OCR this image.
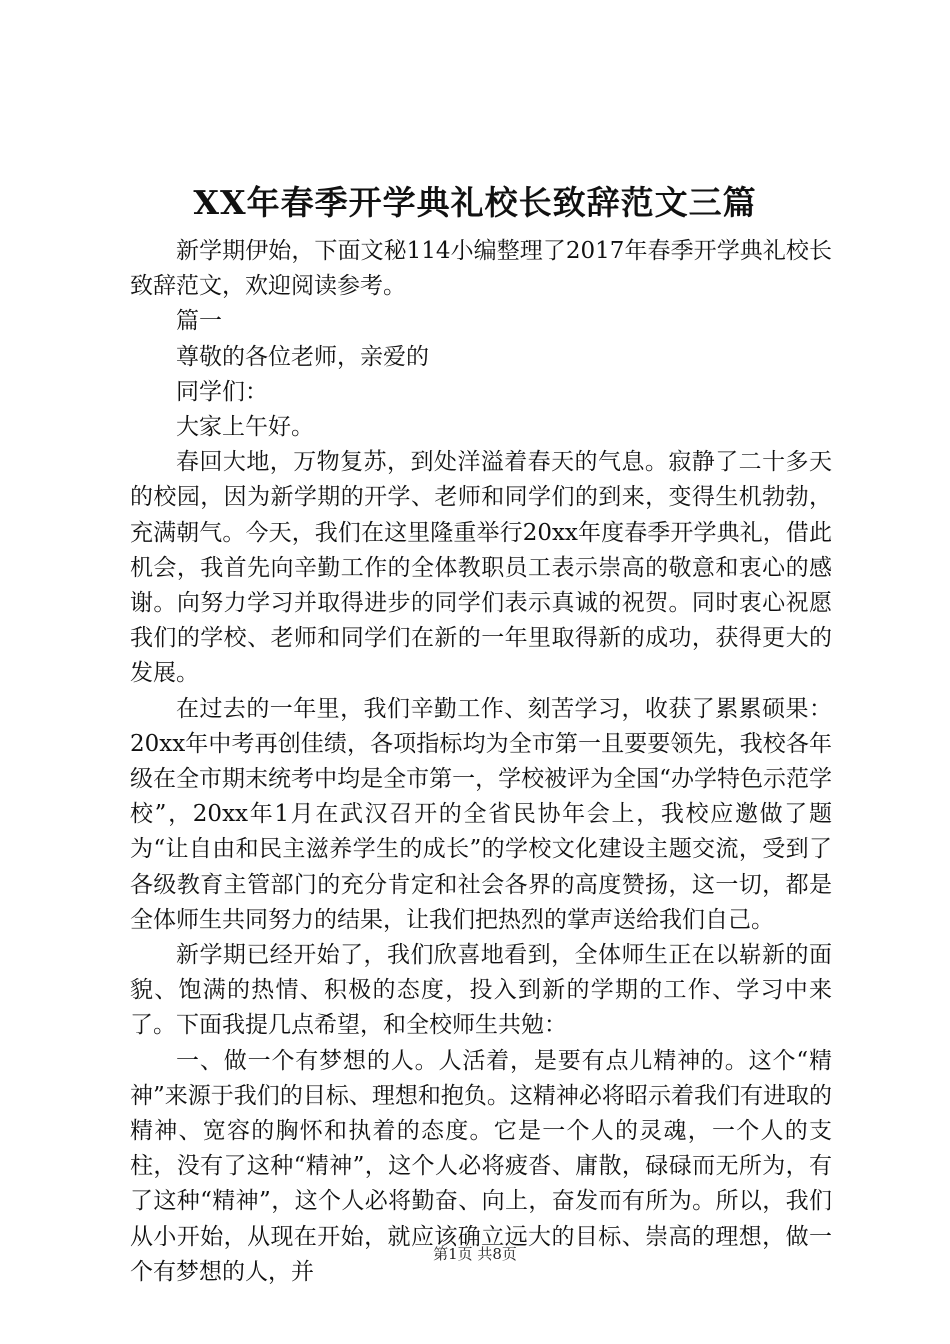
XX年春季开学典礼校长致辞范文三篇

新学期伊始，下面文秘114小编整理了2017年春季开学典礼校长致辞范文，欢迎阅读参考。

篇一

尊敬的各位老师，亲爱的

同学们：

大家上午好。

春回大地，万物复苏，到处洋溢着春天的气息。寂静了二十多天的校园，因为新学期的开学、老师和同学们的到来，变得生机勃勃，充满朝气。今天，我们在这里隆重举行20xx年度春季开学典礼，借此机会，我首先向辛勤工作的全体教职员工表示崇高的敬意和衷心的感谢。向努力学习并取得进步的同学们表示真诚的祝贺。同时衷心祝愿我们的学校、老师和同学们在新的一年里取得新的成功，获得更大的发展。

在过去的一年里，我们辛勤工作、刻苦学习，收获了累累硕果：20xx年中考再创佳绩，各项指标均为全市第一且要要领先，我校各年级在全市期末统考中均是全市第一，学校被评为全国“办学特色示范学校”，20xx年1月在武汉召开的全省民协年会上，我校应邀做了题为“让自由和民主滋养学生的成长”的学校文化建设主题交流，受到了各级教育主管部门的充分肯定和社会各界的高度赞扬，这一切，都是全体师生共同努力的结果，让我们把热烈的掌声送给我们自己。

新学期已经开始了，我们欣喜地看到，全体师生正在以崭新的面貌、饱满的热情、积极的态度，投入到新的学期的工作、学习中来了。下面我提几点希望，和全校师生共勉：

一、做一个有梦想的人。人活着，是要有点儿精神的。这个“精神”来源于我们的目标、理想和抱负。这精神必将昭示着我们有进取的精神、宽容的胸怀和执着的态度。它是一个人的灵魂，一个人的支柱，没有了这种“精神”，这个人必将疲沓、庸散，碌碌而无所为，有了这种“精神”，这个人必将勤奋、向上，奋发而有所为。所以，我们从小开始，从现在开始，就应该确立远大的目标、崇高的理想，做一个有梦想的人，并

第1页 共8页
